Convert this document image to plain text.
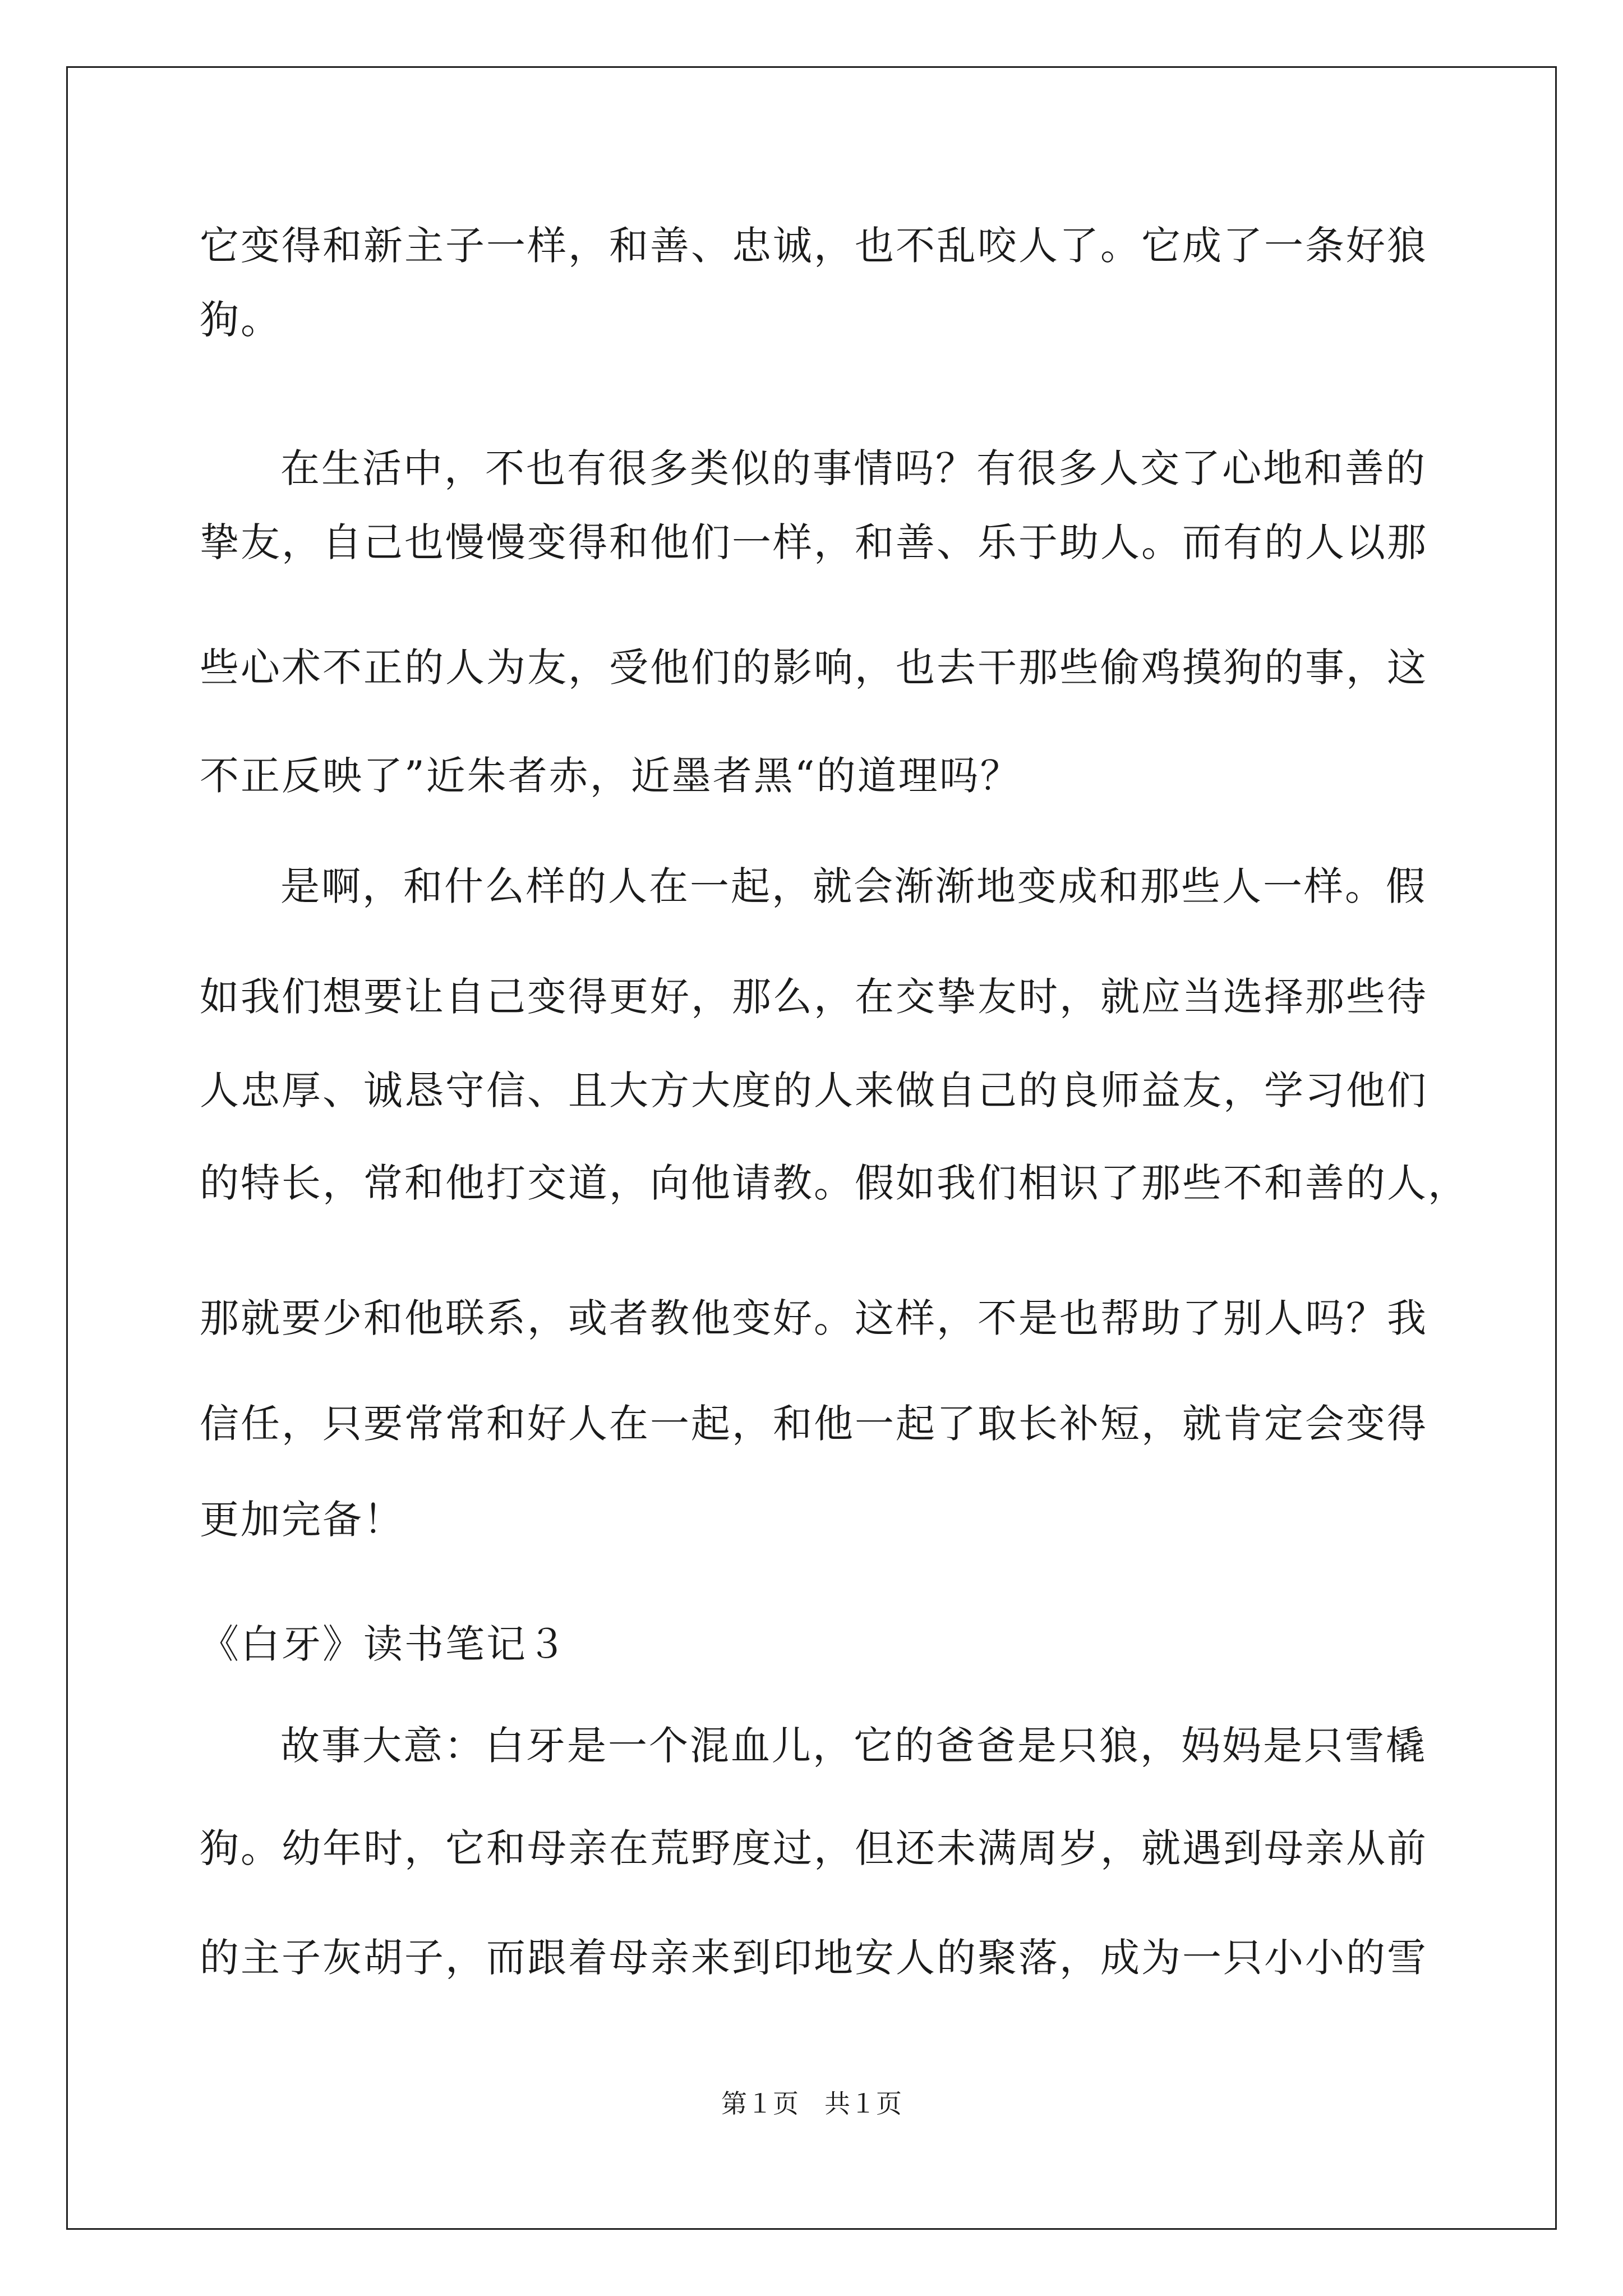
它变得和新主子一样，和善、忠诚，也不乱咬人了。它成了一条好狼
狗。
在生活中，不也有很多类似的事情吗？有很多人交了心地和善的
挚友，自己也慢慢变得和他们一样，和善、乐于助人。而有的人以那
些心术不正的人为友，受他们的影响，也去干那些偷鸡摸狗的事，这
不正反映了”近朱者赤，近墨者黑“的道理吗？
是啊，和什么样的人在一起，就会渐渐地变成和那些人一样。假
如我们想要让自己变得更好，那么，在交挚友时，就应当选择那些待
人忠厚、诚恳守信、且大方大度的人来做自己的良师益友，学习他们
的特长，常和他打交道，向他请教。假如我们相识了那些不和善的人，
那就要少和他联系，或者教他变好。这样，不是也帮助了别人吗？我
信任，只要常常和好人在一起，和他一起了取长补短，就肯定会变得
更加完备！
《白牙》读书笔记３
故事大意：白牙是一个混血儿，它的爸爸是只狼，妈妈是只雪橇
狗。幼年时，它和母亲在荒野度过，但还未满周岁，就遇到母亲从前
的主子灰胡子，而跟着母亲来到印地安人的聚落，成为一只小小的雪
第１页　共１页
